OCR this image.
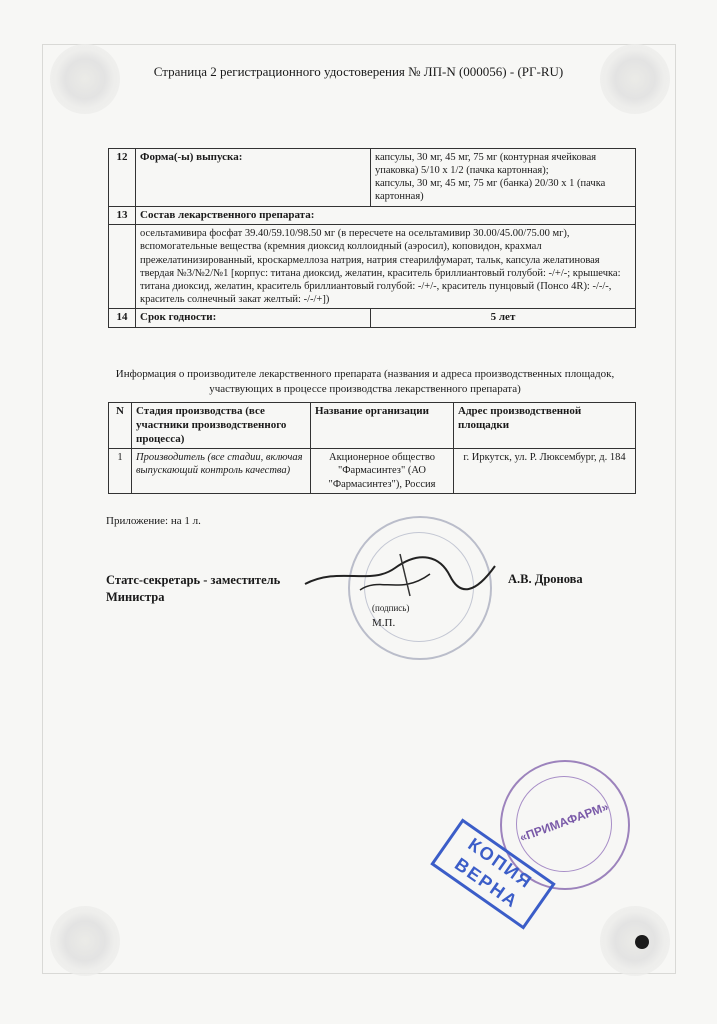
Страница 2 регистрационного удостоверения № ЛП-N (000056) - (РГ-RU)
12	Форма(-ы) выпуска:	капсулы, 30 мг, 45 мг, 75 мг (контурная ячейковая упаковка) 5/10 x 1/2 (пачка картонная);
капсулы, 30 мг, 45 мг, 75 мг (банка) 20/30 x 1 (пачка картонная)
13	Состав лекарственного препарата:	
	осельтамивира фосфат 39.40/59.10/98.50 мг (в пересчете на осельтамивир 30.00/45.00/75.00 мг), вспомогательные вещества (кремния диоксид коллоидный (аэросил), коповидон, крахмал прежелатинизированный, кроскармеллоза натрия, натрия стеарилфумарат, тальк, капсула желатиновая твердая №3/№2/№1 [корпус: титана диоксид, желатин, краситель бриллиантовый голубой: -/+/-; крышечка: титана диоксид, желатин, краситель бриллиантовый голубой: -/+/-, краситель пунцовый (Понсо 4R): -/-/-, краситель солнечный закат желтый: -/-/+])	
14	Срок годности:	5 лет
Информация о производителе лекарственного препарата (названия и адреса производственных площадок, участвующих в процессе производства лекарственного препарата)
N	Стадия производства (все участники производственного процесса)	Название организации	Адрес производственной площадки
1	Производитель (все стадии, включая выпускающий контроль качества)	Акционерное общество "Фармасинтез" (АО "Фармасинтез"), Россия	г. Иркутск, ул. Р. Люксембург, д. 184
Приложение: на 1 л.
Статс-секретарь - заместитель Министра
А.В. Дронова
(подпись)
М.П.
«ПРИМАФАРМ»
КОПИЯ ВЕРНА
